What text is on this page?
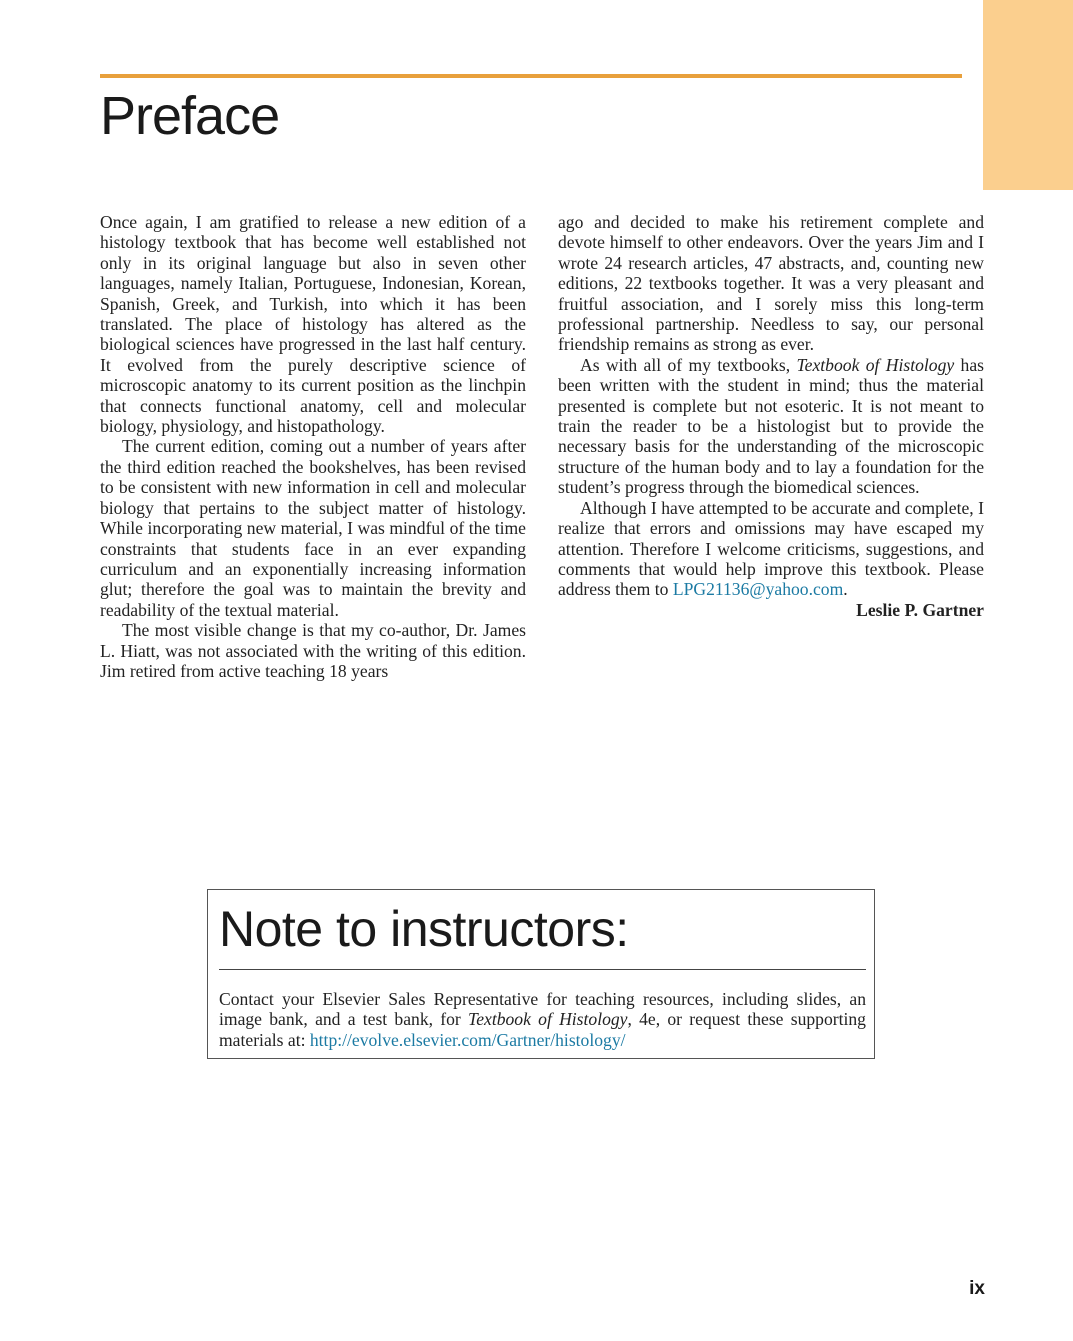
Preface

Once again, I am gratified to release a new edition of a histology textbook that has become well established not only in its original language but also in seven other languages, namely Italian, Portuguese, Indonesian, Korean, Spanish, Greek, and Turkish, into which it has been translated. The place of histology has altered as the biological sciences have progressed in the last half century. It evolved from the purely descriptive science of microscopic anatomy to its current position as the linchpin that connects functional anatomy, cell and molecular biology, physiology, and histopathology.

The current edition, coming out a number of years after the third edition reached the bookshelves, has been revised to be consistent with new information in cell and molecular biology that pertains to the subject matter of histology. While incorporating new material, I was mindful of the time constraints that students face in an ever expanding curriculum and an exponentially increasing information glut; therefore the goal was to maintain the brevity and readability of the textual material.

The most visible change is that my co-author, Dr. James L. Hiatt, was not associated with the writing of this edition. Jim retired from active teaching 18 years

ago and decided to make his retirement complete and devote himself to other endeavors. Over the years Jim and I wrote 24 research articles, 47 abstracts, and, counting new editions, 22 textbooks together. It was a very pleasant and fruitful association, and I sorely miss this long-term professional partnership. Needless to say, our personal friendship remains as strong as ever.

As with all of my textbooks, Textbook of Histology has been written with the student in mind; thus the material presented is complete but not esoteric. It is not meant to train the reader to be a histologist but to provide the necessary basis for the understanding of the microscopic structure of the human body and to lay a foundation for the student’s progress through the biomedical sciences.

Although I have attempted to be accurate and complete, I realize that errors and omissions may have escaped my attention. Therefore I welcome criticisms, suggestions, and comments that would help improve this textbook. Please address them to LPG21136@yahoo.com.

Leslie P. Gartner

Note to instructors:

Contact your Elsevier Sales Representative for teaching resources, including slides, an image bank, and a test bank, for Textbook of Histology, 4e, or request these supporting materials at: http://evolve.elsevier.com/Gartner/histology/

ix
